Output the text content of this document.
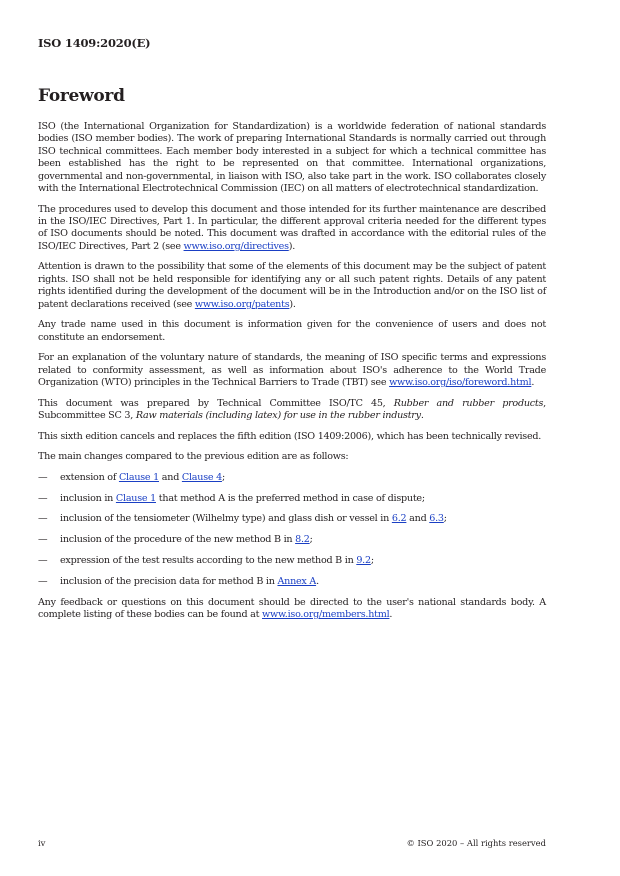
ISO 1409:2020(E)
Foreword

ISO (the International Organization for Standardization) is a worldwide federation of national standards bodies (ISO member bodies). The work of preparing International Standards is normally carried out through ISO technical committees. Each member body interested in a subject for which a technical committee has been established has the right to be represented on that committee. International organizations, governmental and non-governmental, in liaison with ISO, also take part in the work. ISO collaborates closely with the International Electrotechnical Commission (IEC) on all matters of electrotechnical standardization.

The procedures used to develop this document and those intended for its further maintenance are described in the ISO/IEC Directives, Part 1. In particular, the different approval criteria needed for the different types of ISO documents should be noted. This document was drafted in accordance with the editorial rules of the ISO/IEC Directives, Part 2 (see www.iso.org/directives).

Attention is drawn to the possibility that some of the elements of this document may be the subject of patent rights. ISO shall not be held responsible for identifying any or all such patent rights. Details of any patent rights identified during the development of the document will be in the Introduction and/or on the ISO list of patent declarations received (see www.iso.org/patents).

Any trade name used in this document is information given for the convenience of users and does not constitute an endorsement.

For an explanation of the voluntary nature of standards, the meaning of ISO specific terms and expressions related to conformity assessment, as well as information about ISO's adherence to the World Trade Organization (WTO) principles in the Technical Barriers to Trade (TBT) see www.iso.org/iso/foreword.html.

This document was prepared by Technical Committee ISO/TC 45, Rubber and rubber products, Subcommittee SC 3, Raw materials (including latex) for use in the rubber industry.

This sixth edition cancels and replaces the fifth edition (ISO 1409:2006), which has been technically revised.

The main changes compared to the previous edition are as follows:

— extension of Clause 1 and Clause 4;
— inclusion in Clause 1 that method A is the preferred method in case of dispute;
— inclusion of the tensiometer (Wilhelmy type) and glass dish or vessel in 6.2 and 6.3;
— inclusion of the procedure of the new method B in 8.2;
— expression of the test results according to the new method B in 9.2;
— inclusion of the precision data for method B in Annex A.

Any feedback or questions on this document should be directed to the user's national standards body. A complete listing of these bodies can be found at www.iso.org/members.html.

iv	© ISO 2020 – All rights reserved
